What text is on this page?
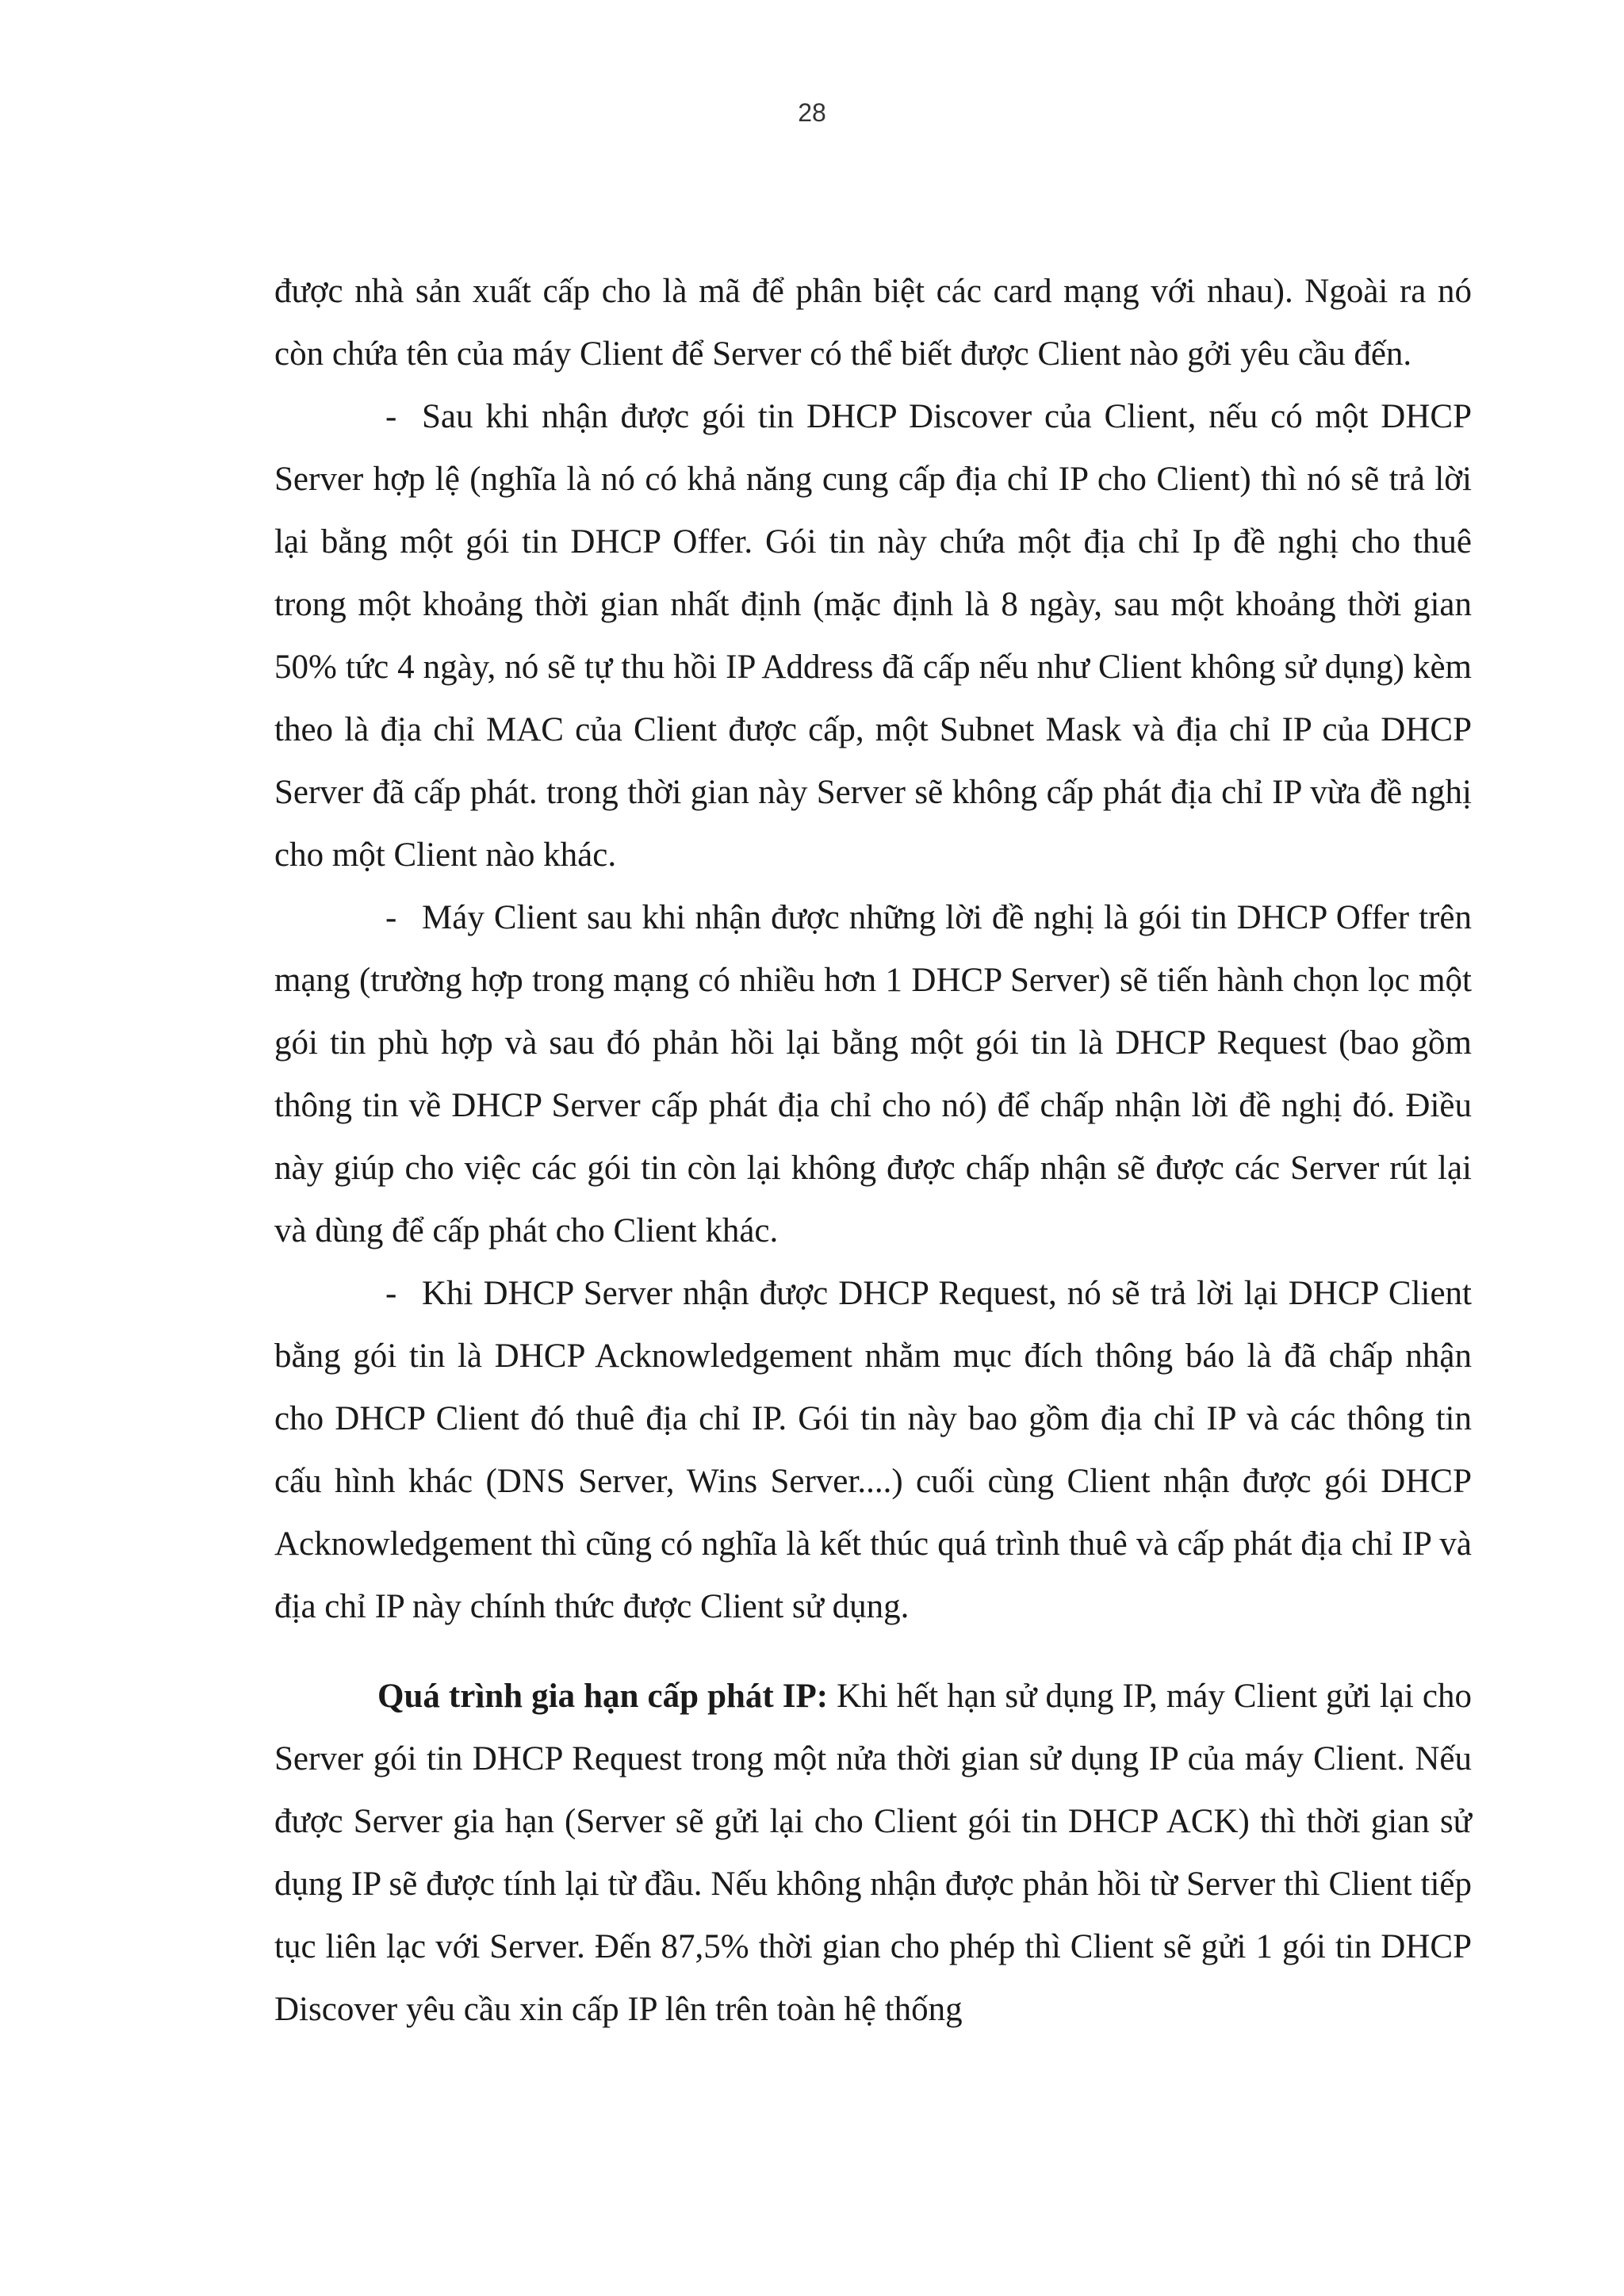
28

được nhà sản xuất cấp cho là mã để phân biệt các card mạng với nhau). Ngoài ra nó còn chứa tên của máy Client để Server có thể biết được Client nào gởi yêu cầu đến.

- Sau khi nhận được gói tin DHCP Discover của Client, nếu có một DHCP Server hợp lệ (nghĩa là nó có khả năng cung cấp địa chỉ IP cho Client) thì nó sẽ trả lời lại bằng một gói tin DHCP Offer. Gói tin này chứa một địa chỉ Ip đề nghị cho thuê trong một khoảng thời gian nhất định (mặc định là 8 ngày, sau một khoảng thời gian 50% tức 4 ngày, nó sẽ tự thu hồi IP Address đã cấp nếu như Client không sử dụng) kèm theo là địa chỉ MAC của Client được cấp, một Subnet Mask và địa chỉ IP của DHCP Server đã cấp phát. trong thời gian này Server sẽ không cấp phát địa chỉ IP vừa đề nghị cho một Client nào khác.

- Máy Client sau khi nhận được những lời đề nghị là gói tin DHCP Offer trên mạng (trường hợp trong mạng có nhiều hơn 1 DHCP Server) sẽ tiến hành chọn lọc một gói tin phù hợp và sau đó phản hồi lại bằng một gói tin là DHCP Request (bao gồm thông tin về DHCP Server cấp phát địa chỉ cho nó) để chấp nhận lời đề nghị đó. Điều này giúp cho việc các gói tin còn lại không được chấp nhận sẽ được các Server rút lại và dùng để cấp phát cho Client khác.

- Khi DHCP Server nhận được DHCP Request, nó sẽ trả lời lại DHCP Client bằng gói tin là DHCP Acknowledgement nhằm mục đích thông báo là đã chấp nhận cho DHCP Client đó thuê địa chỉ IP. Gói tin này bao gồm địa chỉ IP và các thông tin cấu hình khác (DNS Server, Wins Server....) cuối cùng Client nhận được gói DHCP Acknowledgement thì cũng có nghĩa là kết thúc quá trình thuê và cấp phát địa chỉ IP và địa chỉ IP này chính thức được Client sử dụng.

Quá trình gia hạn cấp phát IP: Khi hết hạn sử dụng IP, máy Client gửi lại cho Server gói tin DHCP Request trong một nửa thời gian sử dụng IP của máy Client. Nếu được Server gia hạn (Server sẽ gửi lại cho Client gói tin DHCP ACK) thì thời gian sử dụng IP sẽ được tính lại từ đầu. Nếu không nhận được phản hồi từ Server thì Client tiếp tục liên lạc với Server. Đến 87,5% thời gian cho phép thì Client sẽ gửi 1 gói tin DHCP Discover yêu cầu xin cấp IP lên trên toàn hệ thống
